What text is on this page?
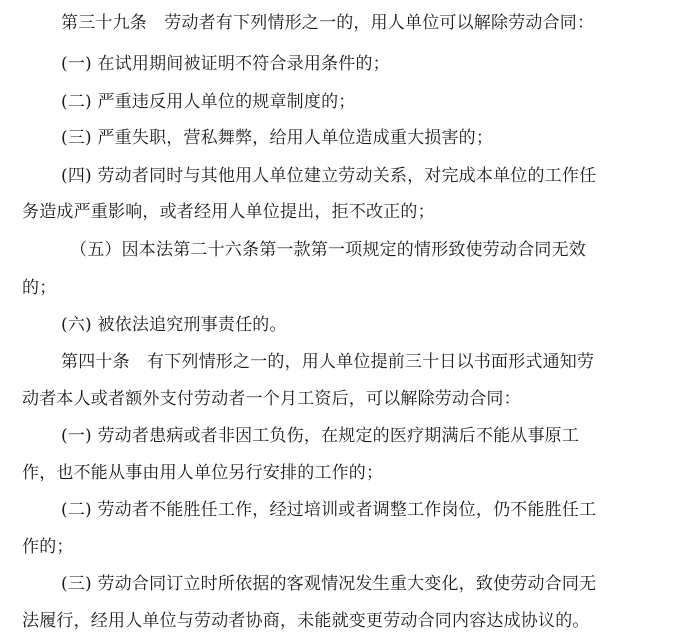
第三十九条　劳动者有下列情形之一的，用人单位可以解除劳动合同：
(一) 在试用期间被证明不符合录用条件的；
(二) 严重违反用人单位的规章制度的；
(三) 严重失职，营私舞弊，给用人单位造成重大损害的；
(四) 劳动者同时与其他用人单位建立劳动关系，对完成本单位的工作任
务造成严重影响，或者经用人单位提出，拒不改正的；
（五）因本法第二十六条第一款第一项规定的情形致使劳动合同无效
的；
(六) 被依法追究刑事责任的。
第四十条　有下列情形之一的，用人单位提前三十日以书面形式通知劳
动者本人或者额外支付劳动者一个月工资后，可以解除劳动合同：
(一) 劳动者患病或者非因工负伤，在规定的医疗期满后不能从事原工
作，也不能从事由用人单位另行安排的工作的；
(二) 劳动者不能胜任工作，经过培训或者调整工作岗位，仍不能胜任工
作的；
(三) 劳动合同订立时所依据的客观情况发生重大变化，致使劳动合同无
法履行，经用人单位与劳动者协商，未能就变更劳动合同内容达成协议的。
